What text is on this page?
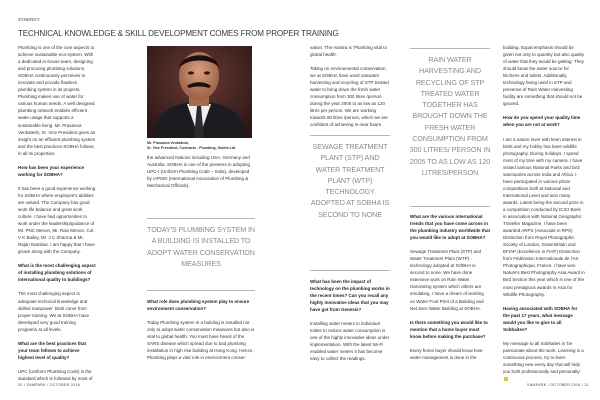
SYNERGY
TECHNICAL KNOWLEDGE & SKILL DEVELOPMENT COMES FROM PROPER TRAINING

Plumbing is one of the core aspects to achieve sustainable eco-system. With a dedicated in-house team, designing and procuring plumbing solutions, SOBHA continuously perceives to innovate and provide flawless plumbing system in its projects. Plumbing makes use of water for various human needs. A well designed plumbing network enables efficient water usage that supports a sustainable living. Mr. Prasanna Venkatesh, Sr. Vice President gives an insight on an efficient plumbing system and the best practices SOBHA follows in all its properties.

How has been your experience working for SOBHA?

It has been a good experience working for SOBHA where employee's abilities are valued. The Company has good work life balance and great work culture. I have had opportunities to work under the leadership/guidance of Mr. PNC Menon, Mr. Ravi Menon, Col. V K Bailey, Mr. J C Sharma & Mr. Rajan Nambiar. I am happy that I have grown along with the Company.

What is the most challenging aspect of installing plumbing solutions of international quality to buildings?

The most challenging aspect is adequate technical knowledge and skilled manpower. Both come from proper training. We at SOBHA have developed very good training programs at all levels.

What are the best practices that your team follows to achieve highest level of quality?

UPC (Uniform Plumbing Code) is the standard which is followed by most of

Mr. Prasanna Venkatesh,
Sr. Vice President, Contracts - Plumbing, Sobha Ltd.

the advanced Nations including USA, Germany and Australia. SOBHA is one of the pioneers in adopting UPC-I (Uniform Plumbing Code – India), developed by IAPMO (International Association of Plumbing & Mechanical Officials).

TODAY'S PLUMBING SYSTEM IN A BUILDING IS INSTALLED TO ADOPT WATER CONSERVATION MEASURES

What role does plumbing system play to ensure environment conservation?

Today Plumbing system in a building is installed not only to adopt water conservation measures but also is vital to global health. You must have heard of the SARS disease which spread due to bad plumbing installation in high rise building at Hong Kong. Hence, Plumbing plays a vital role in environment conser-

20 / SAMPARK / OCTOBER 2016

vation. The mantra is 'Plumbing vital to global health'.

Taking on environmental conservation, we at SOBHA have used rainwater harvesting and recycling of STP treated water to bring down the fresh water consumption from 300 litres /person during the year 2005 to as low as 120 litres per person. We are working towards 90 litres /person, which we are confident of achieving in near future.

SEWAGE TREATMENT PLANT (STP) AND WATER TREATMENT PLANT (WTP) TECHNOLOGY ADOPTED AT SOBHA IS SECOND TO NONE

What has been the impact of technology on the plumbing works in the recent times? Can you recall any highly innovative ideas that you may have got from Genesis?

Installing water meters in individual toilets to reduce water consumption is one of the highly innovative ideas under implementation. With the latest Wi-Fi enabled water meters it has become easy to collect the readings.

RAIN WATER HARVESTING AND RECYCLING OF STP TREATED WATER TOGETHER HAS BROUGHT DOWN THE FRESH WATER CONSUMPTION FROM 300 LITRES/ PERSON IN 2005 TO AS LOW AS 120 LITRES/PERSON

What are the various international trends that you have come across in the plumbing industry worldwide that you would like to adopt at SOBHA?

Sewage Treatment Plant (STP) and Water Treatment Plant (WTP) technology adopted at SOBHA is second to none. We have done extensive work on Rain Water Harvesting system which others are emulating. I have a dream of working on Water Foot Print of a Building and Net Zero Water Building at SOBHA.

Is there something you would like to mention that a home buyer must know before making the purchase?

Every home buyer should know how water management is done in the

building. Equal emphasis should be given not only to quantity but also quality of water that they would be getting. They should know the water source for kitchens and toilets. Additionally, technology being used in STP and presence of Rain Water Harvesting facility are something that should not be ignored.

How do you spend your quality time when you are not at work?

I am a nature lover with keen interest in birds and my hobby has been wildlife photography. During holidays, I spend most of my time with my camera. I have visited various National Parks and bird sanctuaries across India and Africa. I have participated in various photo competitions both at National and International Level and won many awards. Latest being the second prize in a competition conducted by ICICI Bank in association with National Geographic Traveller Magazine. I have been awarded ARPS (Associate in RPS) Distinction from Royal Photographic Society of London, Great Britain and EFIAP (Excellence in FIAP) Distinction from Fédération Internationale de l'Art Photographique, France. I have won Nature's Best Photography Asia Award in Bird Section this year which is one of the most prestigious awards in Asia for Wildlife Photography.

Having associated with SOBHA for the past 17 years, what message would you like to give to all Sobhaites?

My message to all Sobhaites is 'be passionate about the work. Learning is a continuous process, try to learn something new every day that will help you both professionally and personally'.

SAMPARK / OCTOBER 2016 / 21
